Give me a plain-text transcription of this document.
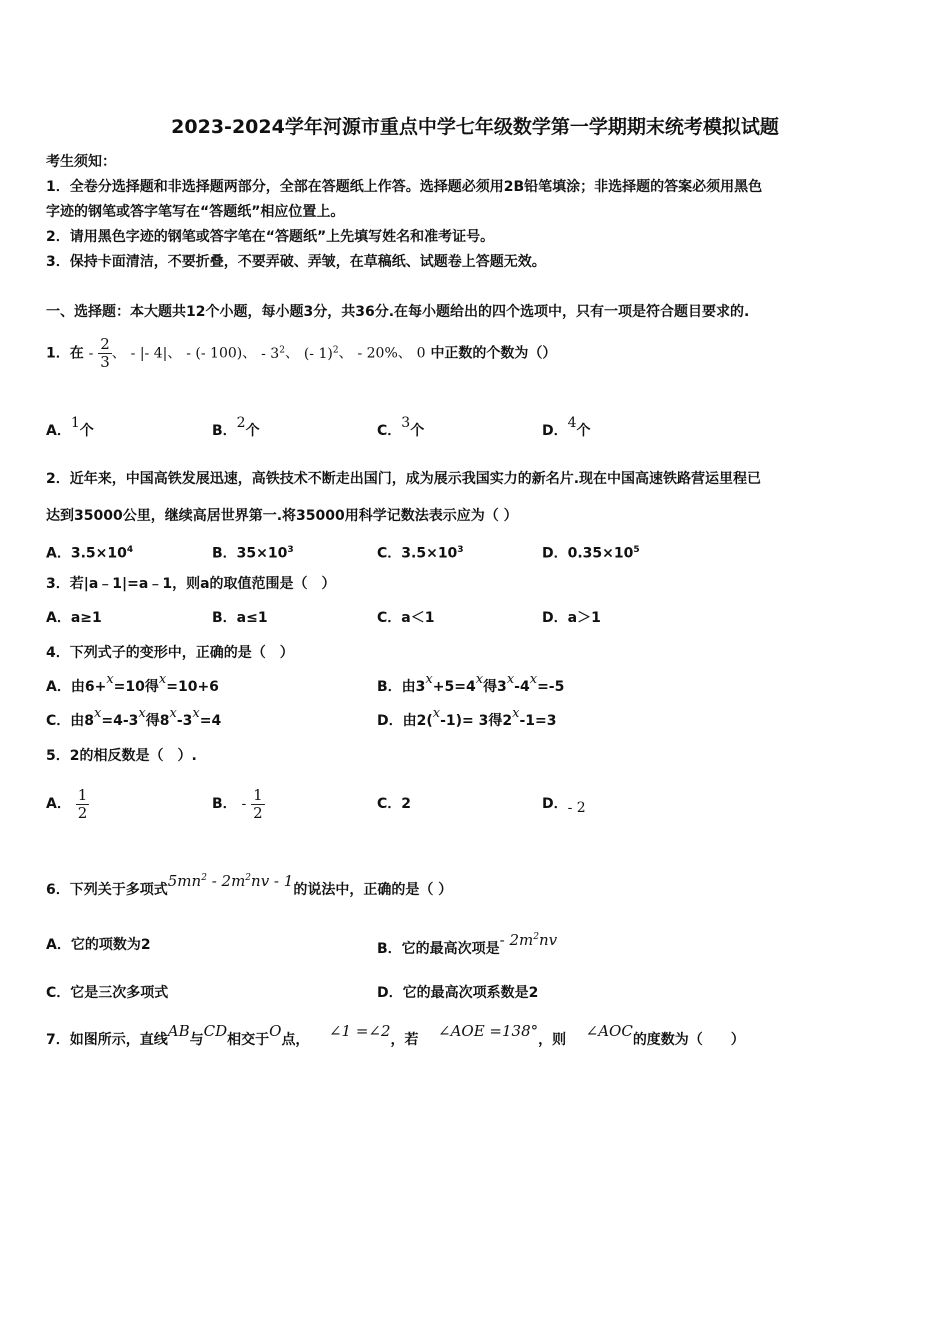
2023-2024学年河源市重点中学七年级数学第一学期期末统考模拟试题
考生须知：
1．全卷分选择题和非选择题两部分，全部在答题纸上作答。选择题必须用2B铅笔填涂；非选择题的答案必须用黑色
字迹的钢笔或答字笔写在“答题纸”相应位置上。
2．请用黑色字迹的钢笔或答字笔在“答题纸”上先填写姓名和准考证号。
3．保持卡面清洁，不要折叠，不要弄破、弄皱，在草稿纸、试题卷上答题无效。
一、选择题：本大题共12个小题，每小题3分，共36分.在每小题给出的四个选项中，只有一项是符合题目要求的.
1．在 - $\frac{2}{3}$ 、 - |- 4|、 - (- 100)、 - $3^2$、 (- 1)$^2$、 - 20%、 0 中正数的个数为（）
A．1个	B．2个	C．3个	D．4个
2．近年来，中国高铁发展迅速，高铁技术不断走出国门，成为展示我国实力的新名片.现在中国高速铁路营运里程已
达到35000公里，继续高居世界第一.将35000用科学记数法表示应为（ ）
A．$3.5\times 10^4$	B．$35\times 10^3$	C．$3.5\times 10^3$	D．$0.35\times 10^5$
3．若|a﹣1|=a﹣1，则a的取值范围是（　）
A．a≥1	B．a≤1	C．a＜1	D．a＞1
4．下列式子的变形中，正确的是（　）
A．由6+x=10得x=10+6	B．由3x+5=4x得3x-4x=-5
C．由8x=4-3x得8x-3x=4	D．由2(x-1)= 3得2x-1=3
5．2的相反数是（　）.
A． $\frac{1}{2}$	B． - $\frac{1}{2}$	C．2	D．- 2
6．下列关于多项式$5mn^2 - 2m^2nv - 1$的说法中，正确的是（ ）
A．它的项数为2	B．它的最高次项是- $2m^2nv$
C．它是三次多项式	D．它的最高次项系数是2
7．如图所示，直线AB与CD相交于O点， ∠1 =∠2，若 ∠AOE =138°，则 ∠AOC的度数为（　　）
